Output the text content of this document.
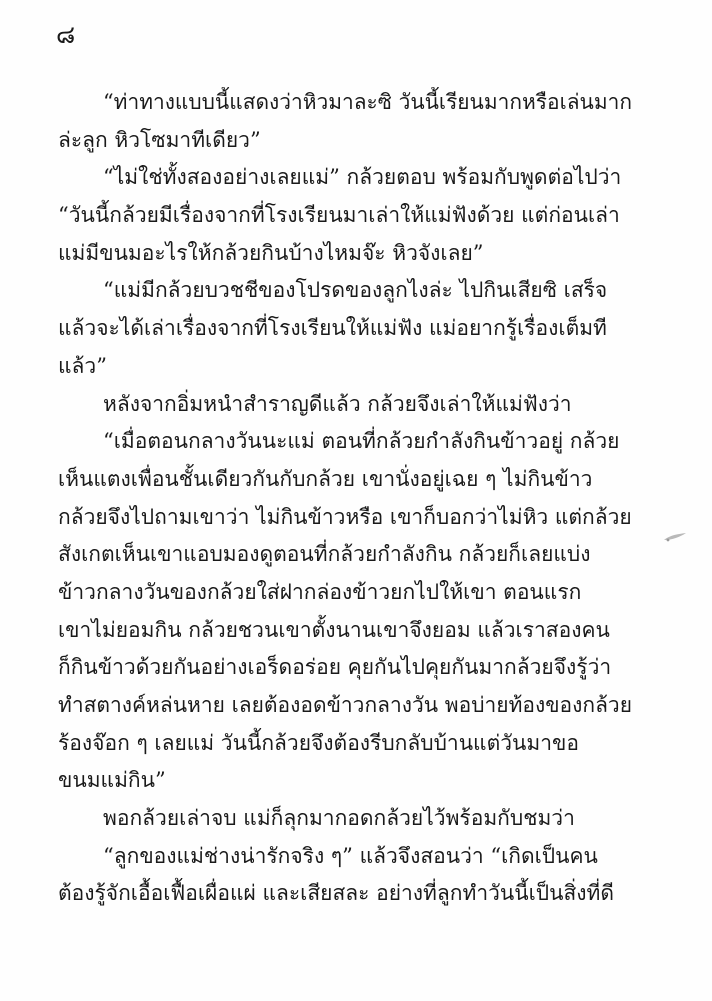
๘
“ท่าทางแบบนี้แสดงว่าหิวมาละซิ วันนี้เรียนมากหรือเล่นมาก
ล่ะลูก หิวโซมาทีเดียว”
“ไม่ใช่ทั้งสองอย่างเลยแม่” กล้วยตอบ พร้อมกับพูดต่อไปว่า
“วันนี้กล้วยมีเรื่องจากที่โรงเรียนมาเล่าให้แม่ฟังด้วย แต่ก่อนเล่า
แม่มีขนมอะไรให้กล้วยกินบ้างไหมจ๊ะ หิวจังเลย”
“แม่มีกล้วยบวชชีของโปรดของลูกไงล่ะ ไปกินเสียซิ เสร็จ
แล้วจะได้เล่าเรื่องจากที่โรงเรียนให้แม่ฟัง แม่อยากรู้เรื่องเต็มที
แล้ว”
หลังจากอิ่มหนำสำราญดีแล้ว กล้วยจึงเล่าให้แม่ฟังว่า
“เมื่อตอนกลางวันนะแม่ ตอนที่กล้วยกำลังกินข้าวอยู่ กล้วย
เห็นแตงเพื่อนชั้นเดียวกันกับกล้วย เขานั่งอยู่เฉย ๆ ไม่กินข้าว
กล้วยจึงไปถามเขาว่า ไม่กินข้าวหรือ เขาก็บอกว่าไม่หิว แต่กล้วย
สังเกตเห็นเขาแอบมองดูตอนที่กล้วยกำลังกิน กล้วยก็เลยแบ่ง
ข้าวกลางวันของกล้วยใส่ฝากล่องข้าวยกไปให้เขา ตอนแรก
เขาไม่ยอมกิน กล้วยชวนเขาตั้งนานเขาจึงยอม แล้วเราสองคน
ก็กินข้าวด้วยกันอย่างเอร็ดอร่อย คุยกันไปคุยกันมากล้วยจึงรู้ว่า
ทำสตางค์หล่นหาย เลยต้องอดข้าวกลางวัน พอบ่ายท้องของกล้วย
ร้องจ๊อก ๆ เลยแม่ วันนี้กล้วยจึงต้องรีบกลับบ้านแต่วันมาขอ
ขนมแม่กิน”
พอกล้วยเล่าจบ แม่ก็ลุกมากอดกล้วยไว้พร้อมกับชมว่า
“ลูกของแม่ช่างน่ารักจริง ๆ” แล้วจึงสอนว่า “เกิดเป็นคน
ต้องรู้จักเอื้อเฟื้อเผื่อแผ่ และเสียสละ อย่างที่ลูกทำวันนี้เป็นสิ่งที่ดี
